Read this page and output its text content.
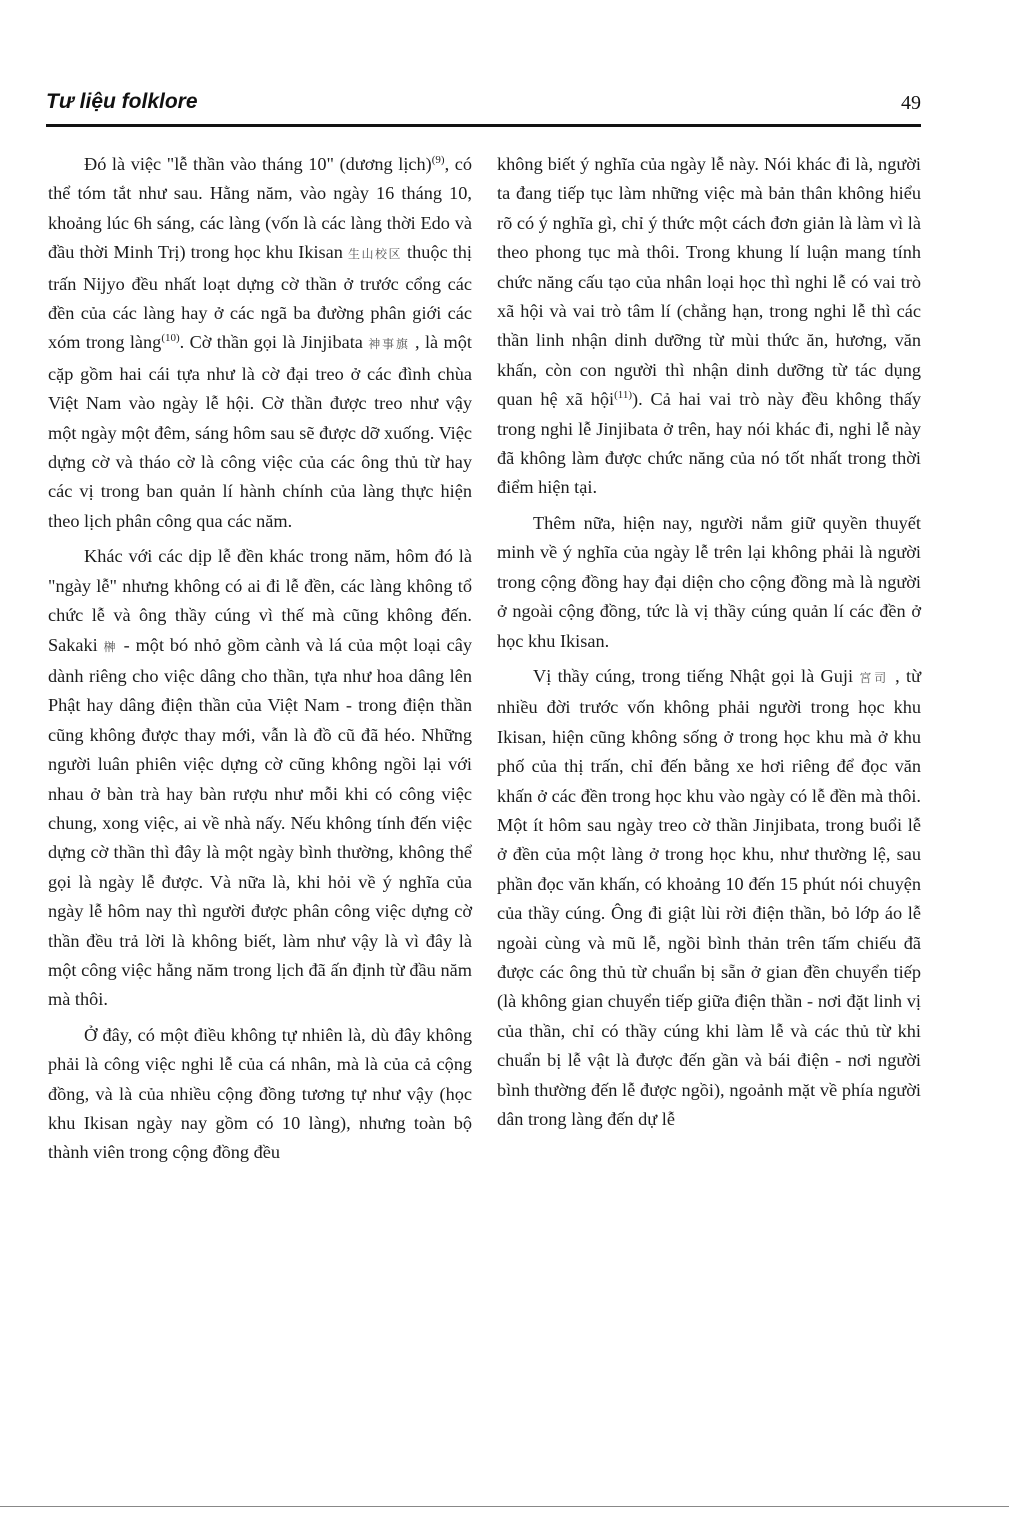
Tư liệu folklore	49

Đó là việc "lễ thần vào tháng 10" (dương lịch)$^{(9)}$, có thể tóm tắt như sau. Hằng năm, vào ngày 16 tháng 10, khoảng lúc 6h sáng, các làng (vốn là các làng thời Edo và đầu thời Minh Trị) trong học khu Ikisan 生山校区 thuộc thị trấn Nijyo đều nhất loạt dựng cờ thần ở trước cổng các đền của các làng hay ở các ngã ba đường phân giới các xóm trong làng$^{(10)}$. Cờ thần gọi là Jinjibata 神事旗 , là một cặp gồm hai cái tựa như là cờ đại treo ở các đình chùa Việt Nam vào ngày lễ hội. Cờ thần được treo như vậy một ngày một đêm, sáng hôm sau sẽ được dỡ xuống. Việc dựng cờ và tháo cờ là công việc của các ông thủ từ hay các vị trong ban quản lí hành chính của làng thực hiện theo lịch phân công qua các năm.

Khác với các dịp lễ đền khác trong năm, hôm đó là "ngày lễ" nhưng không có ai đi lễ đền, các làng không tổ chức lễ và ông thầy cúng vì thế mà cũng không đến. Sakaki 榊 - một bó nhỏ gồm cành và lá của một loại cây dành riêng cho việc dâng cho thần, tựa như hoa dâng lên Phật hay dâng điện thần của Việt Nam - trong điện thần cũng không được thay mới, vẫn là đồ cũ đã héo. Những người luân phiên việc dựng cờ cũng không ngồi lại với nhau ở bàn trà hay bàn rượu như mỗi khi có công việc chung, xong việc, ai về nhà nấy. Nếu không tính đến việc dựng cờ thần thì đây là một ngày bình thường, không thể gọi là ngày lễ được. Và nữa là, khi hỏi về ý nghĩa của ngày lễ hôm nay thì người được phân công việc dựng cờ thần đều trả lời là không biết, làm như vậy là vì đây là một công việc hằng năm trong lịch đã ấn định từ đầu năm mà thôi.

Ở đây, có một điều không tự nhiên là, dù đây không phải là công việc nghi lễ của cá nhân, mà là của cả cộng đồng, và là của nhiều cộng đồng tương tự như vậy (học khu Ikisan ngày nay gồm có 10 làng), nhưng toàn bộ thành viên trong cộng đồng đều

không biết ý nghĩa của ngày lễ này. Nói khác đi là, người ta đang tiếp tục làm những việc mà bản thân không hiểu rõ có ý nghĩa gì, chỉ ý thức một cách đơn giản là làm vì là theo phong tục mà thôi. Trong khung lí luận mang tính chức năng cấu tạo của nhân loại học thì nghi lễ có vai trò xã hội và vai trò tâm lí (chẳng hạn, trong nghi lễ thì các thần linh nhận dinh dưỡng từ mùi thức ăn, hương, văn khấn, còn con người thì nhận dinh dưỡng từ tác dụng quan hệ xã hội$^{(11)}$). Cả hai vai trò này đều không thấy trong nghi lễ Jinjibata ở trên, hay nói khác đi, nghi lễ này đã không làm được chức năng của nó tốt nhất trong thời điểm hiện tại.

Thêm nữa, hiện nay, người nắm giữ quyền thuyết minh về ý nghĩa của ngày lễ trên lại không phải là người trong cộng đồng hay đại diện cho cộng đồng mà là người ở ngoài cộng đồng, tức là vị thầy cúng quản lí các đền ở học khu Ikisan.

Vị thầy cúng, trong tiếng Nhật gọi là Guji 宮司 , từ nhiều đời trước vốn không phải người trong học khu Ikisan, hiện cũng không sống ở trong học khu mà ở khu phố của thị trấn, chỉ đến bằng xe hơi riêng để đọc văn khấn ở các đền trong học khu vào ngày có lễ đền mà thôi. Một ít hôm sau ngày treo cờ thần Jinjibata, trong buổi lễ ở đền của một làng ở trong học khu, như thường lệ, sau phần đọc văn khấn, có khoảng 10 đến 15 phút nói chuyện của thầy cúng. Ông đi giật lùi rời điện thần, bỏ lớp áo lễ ngoài cùng và mũ lễ, ngồi bình thản trên tấm chiếu đã được các ông thủ từ chuẩn bị sẵn ở gian đền chuyển tiếp (là không gian chuyển tiếp giữa điện thần - nơi đặt linh vị của thần, chỉ có thầy cúng khi làm lễ và các thủ từ khi chuẩn bị lễ vật là được đến gần và bái điện - nơi người bình thường đến lễ được ngồi), ngoảnh mặt về phía người dân trong làng đến dự lễ
